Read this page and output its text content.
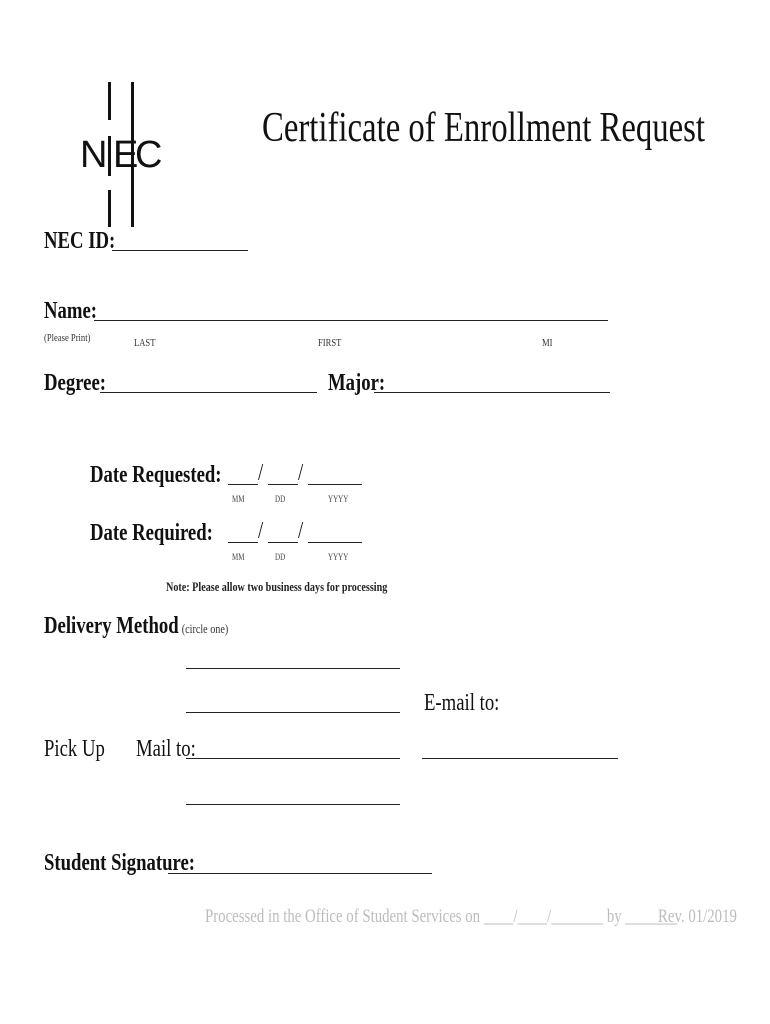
N E
C
Certificate of Enrollment Request
NEC ID:
Name:
(Please Print)	LAST	FIRST	MI
Degree:	Major:
Date Requested:	/ /
MM	DD	YYYY
Date Required:	/ /
MM	DD	YYYY
Note: Please allow two business days for processing
Delivery Method (circle one)
E-mail to:
Pick Up	Mail to:
Student Signature:
Processed in the Office of Student Services on ____/____/_______ by _______
Rev. 01/2019
